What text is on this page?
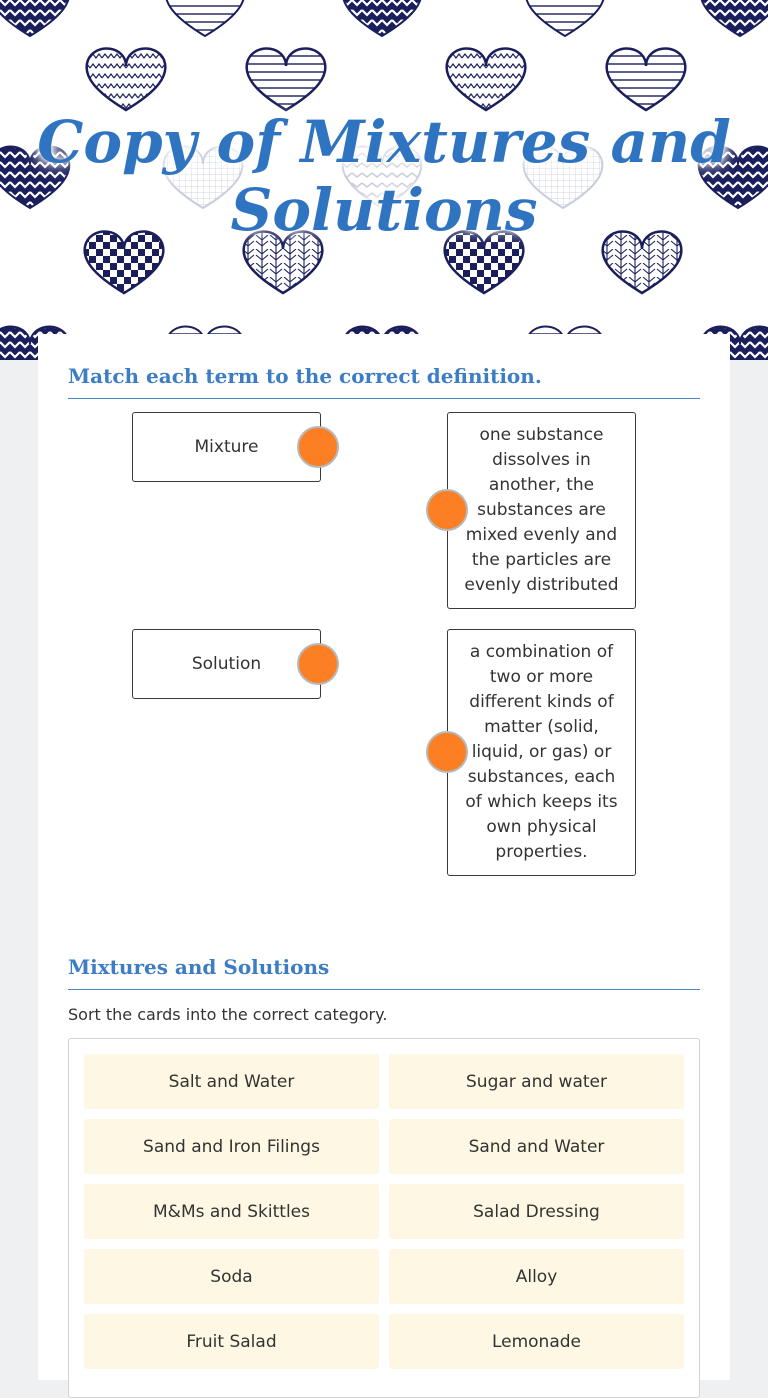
Copy of Mixtures and Solutions
Match each term to the correct definition.
Mixture
Solution
one substance dissolves in another, the substances are mixed evenly and the particles are evenly distributed
a combination of two or more different kinds of matter (solid, liquid, or gas) or substances, each of which keeps its own physical properties.
Mixtures and Solutions

Sort the cards into the correct category.

Salt and Water	Sugar and water
Sand and Iron Filings	Sand and Water
M&Ms and Skittles	Salad Dressing
Soda	Alloy
Fruit Salad	Lemonade
